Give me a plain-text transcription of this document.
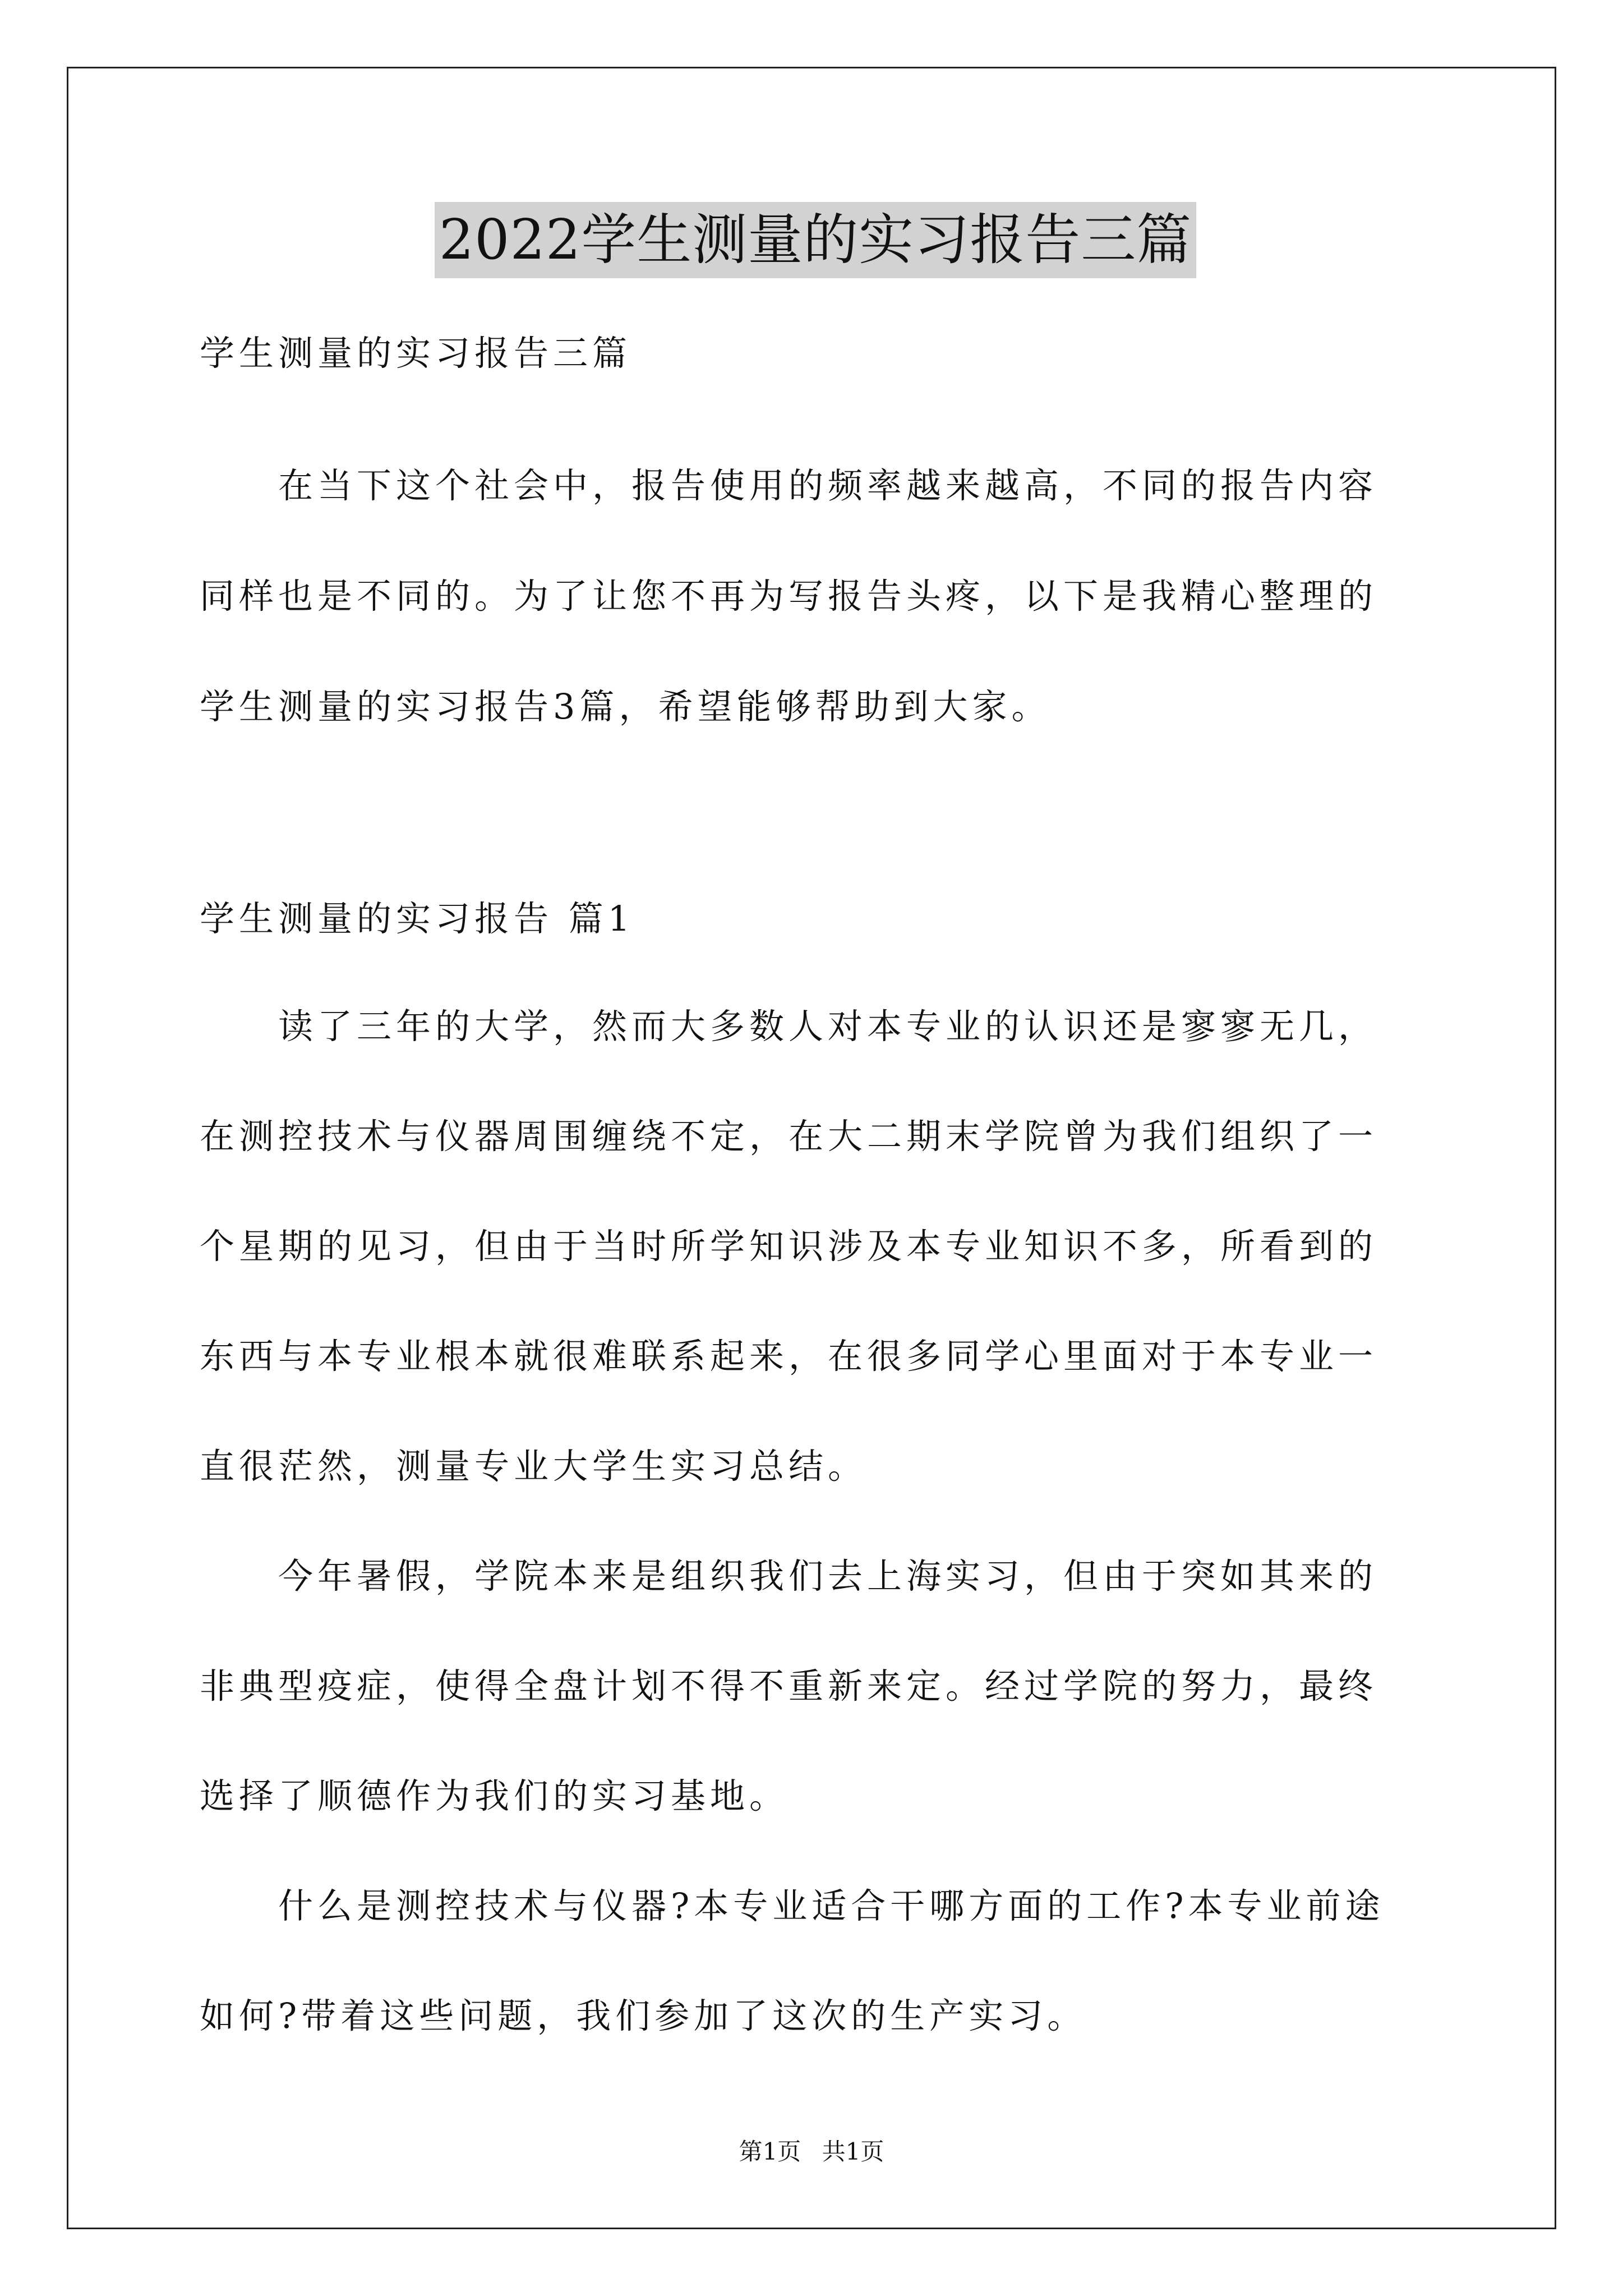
2022学生测量的实习报告三篇
学生测量的实习报告三篇
　　在当下这个社会中，报告使用的频率越来越高，不同的报告内容
同样也是不同的。为了让您不再为写报告头疼，以下是我精心整理的
学生测量的实习报告3篇，希望能够帮助到大家。
学生测量的实习报告 篇1
　　读了三年的大学，然而大多数人对本专业的认识还是寥寥无几，
在测控技术与仪器周围缠绕不定，在大二期末学院曾为我们组织了一
个星期的见习，但由于当时所学知识涉及本专业知识不多，所看到的
东西与本专业根本就很难联系起来，在很多同学心里面对于本专业一
直很茫然，测量专业大学生实习总结。
　　今年暑假，学院本来是组织我们去上海实习，但由于突如其来的
非典型疫症，使得全盘计划不得不重新来定。经过学院的努力，最终
选择了顺德作为我们的实习基地。
　　什么是测控技术与仪器?本专业适合干哪方面的工作?本专业前途
如何?带着这些问题，我们参加了这次的生产实习。
第1页 共1页
